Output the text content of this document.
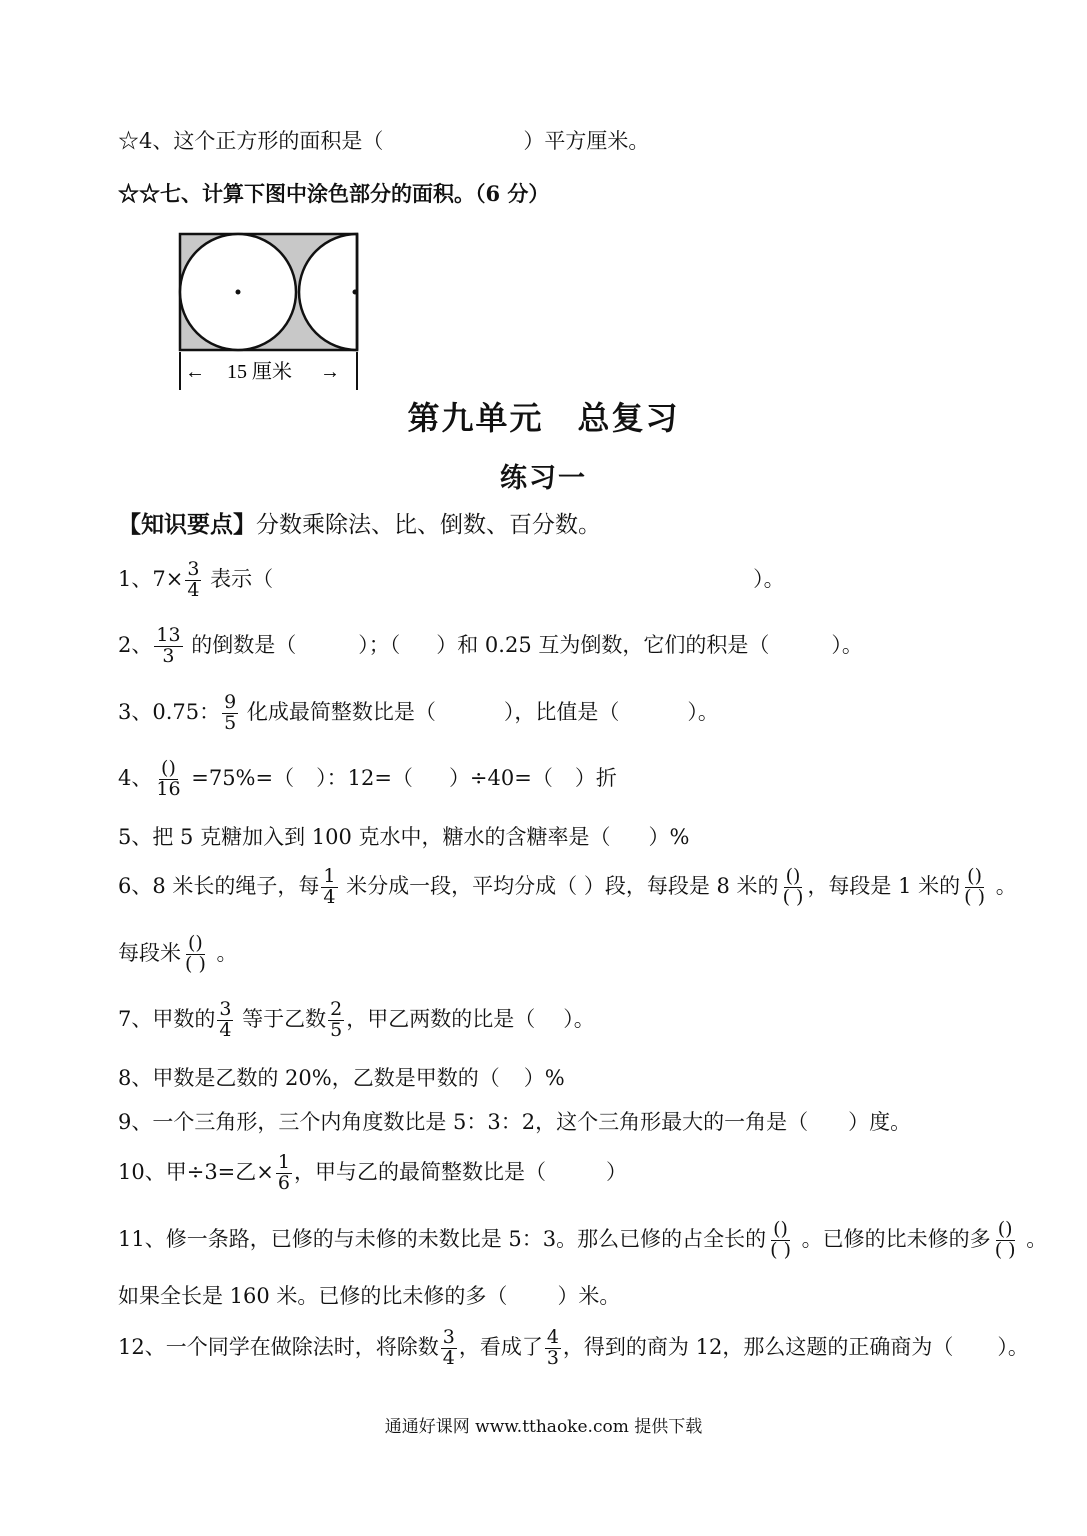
☆4、这个正方形的面积是（	）平方厘米。
☆☆七、计算下图中涂色部分的面积。（6 分）
← 15 厘米 →
第九单元　总复习
练习一
【知识要点】分数乘除法、比、倒数、百分数。
1、$7\times \frac{3}{4}$ 表示（	）。
2、 $\frac{13}{3}$ 的倒数是（	）；（ ）和 0.25 互为倒数，它们的积是（	）。
3、0.75： $\frac{9}{5}$ 化成最简整数比是（	），比值是（	）。
4、 $\frac{()}{16} =75\%=$（ ）：12=（ ）÷40=（ ）折
5、把 5 克糖加入到 100 克水中，糖水的含糖率是（ ）%
6、8 米长的绳子，每 $\frac{1}{4}$ 米分成一段，平均分成（ ）段，每段是 8 米的 $\frac{()}{( )}$ ，每段是 1 米的 $\frac{()}{( )}$ 。
每段米 $\frac{()}{( )}$ 。
7、甲数的 $\frac{3}{4}$ 等于乙数 $\frac{2}{5}$ ，甲乙两数的比是（ ）。
8、甲数是乙数的 20%，乙数是甲数的（ ）%
9、一个三角形，三个内角度数比是 5：3：2，这个三角形最大的一角是（ ）度。
10、甲÷3=乙× $\frac{1}{6}$ ，甲与乙的最简整数比是（	）
11、修一条路，已修的与未修的未数比是 5：3。那么已修的占全长的 $\frac{()}{( )}$ 。已修的比未修的多 $\frac{()}{( )}$ 。
如果全长是 160 米。已修的比未修的多（ ）米。
12、一个同学在做除法时，将除数 $\frac{3}{4}$ ，看成了 $\frac{4}{3}$ ，得到的商为 12，那么这题的正确商为（ ）。
通通好课网 www.tthaoke.com 提供下载
